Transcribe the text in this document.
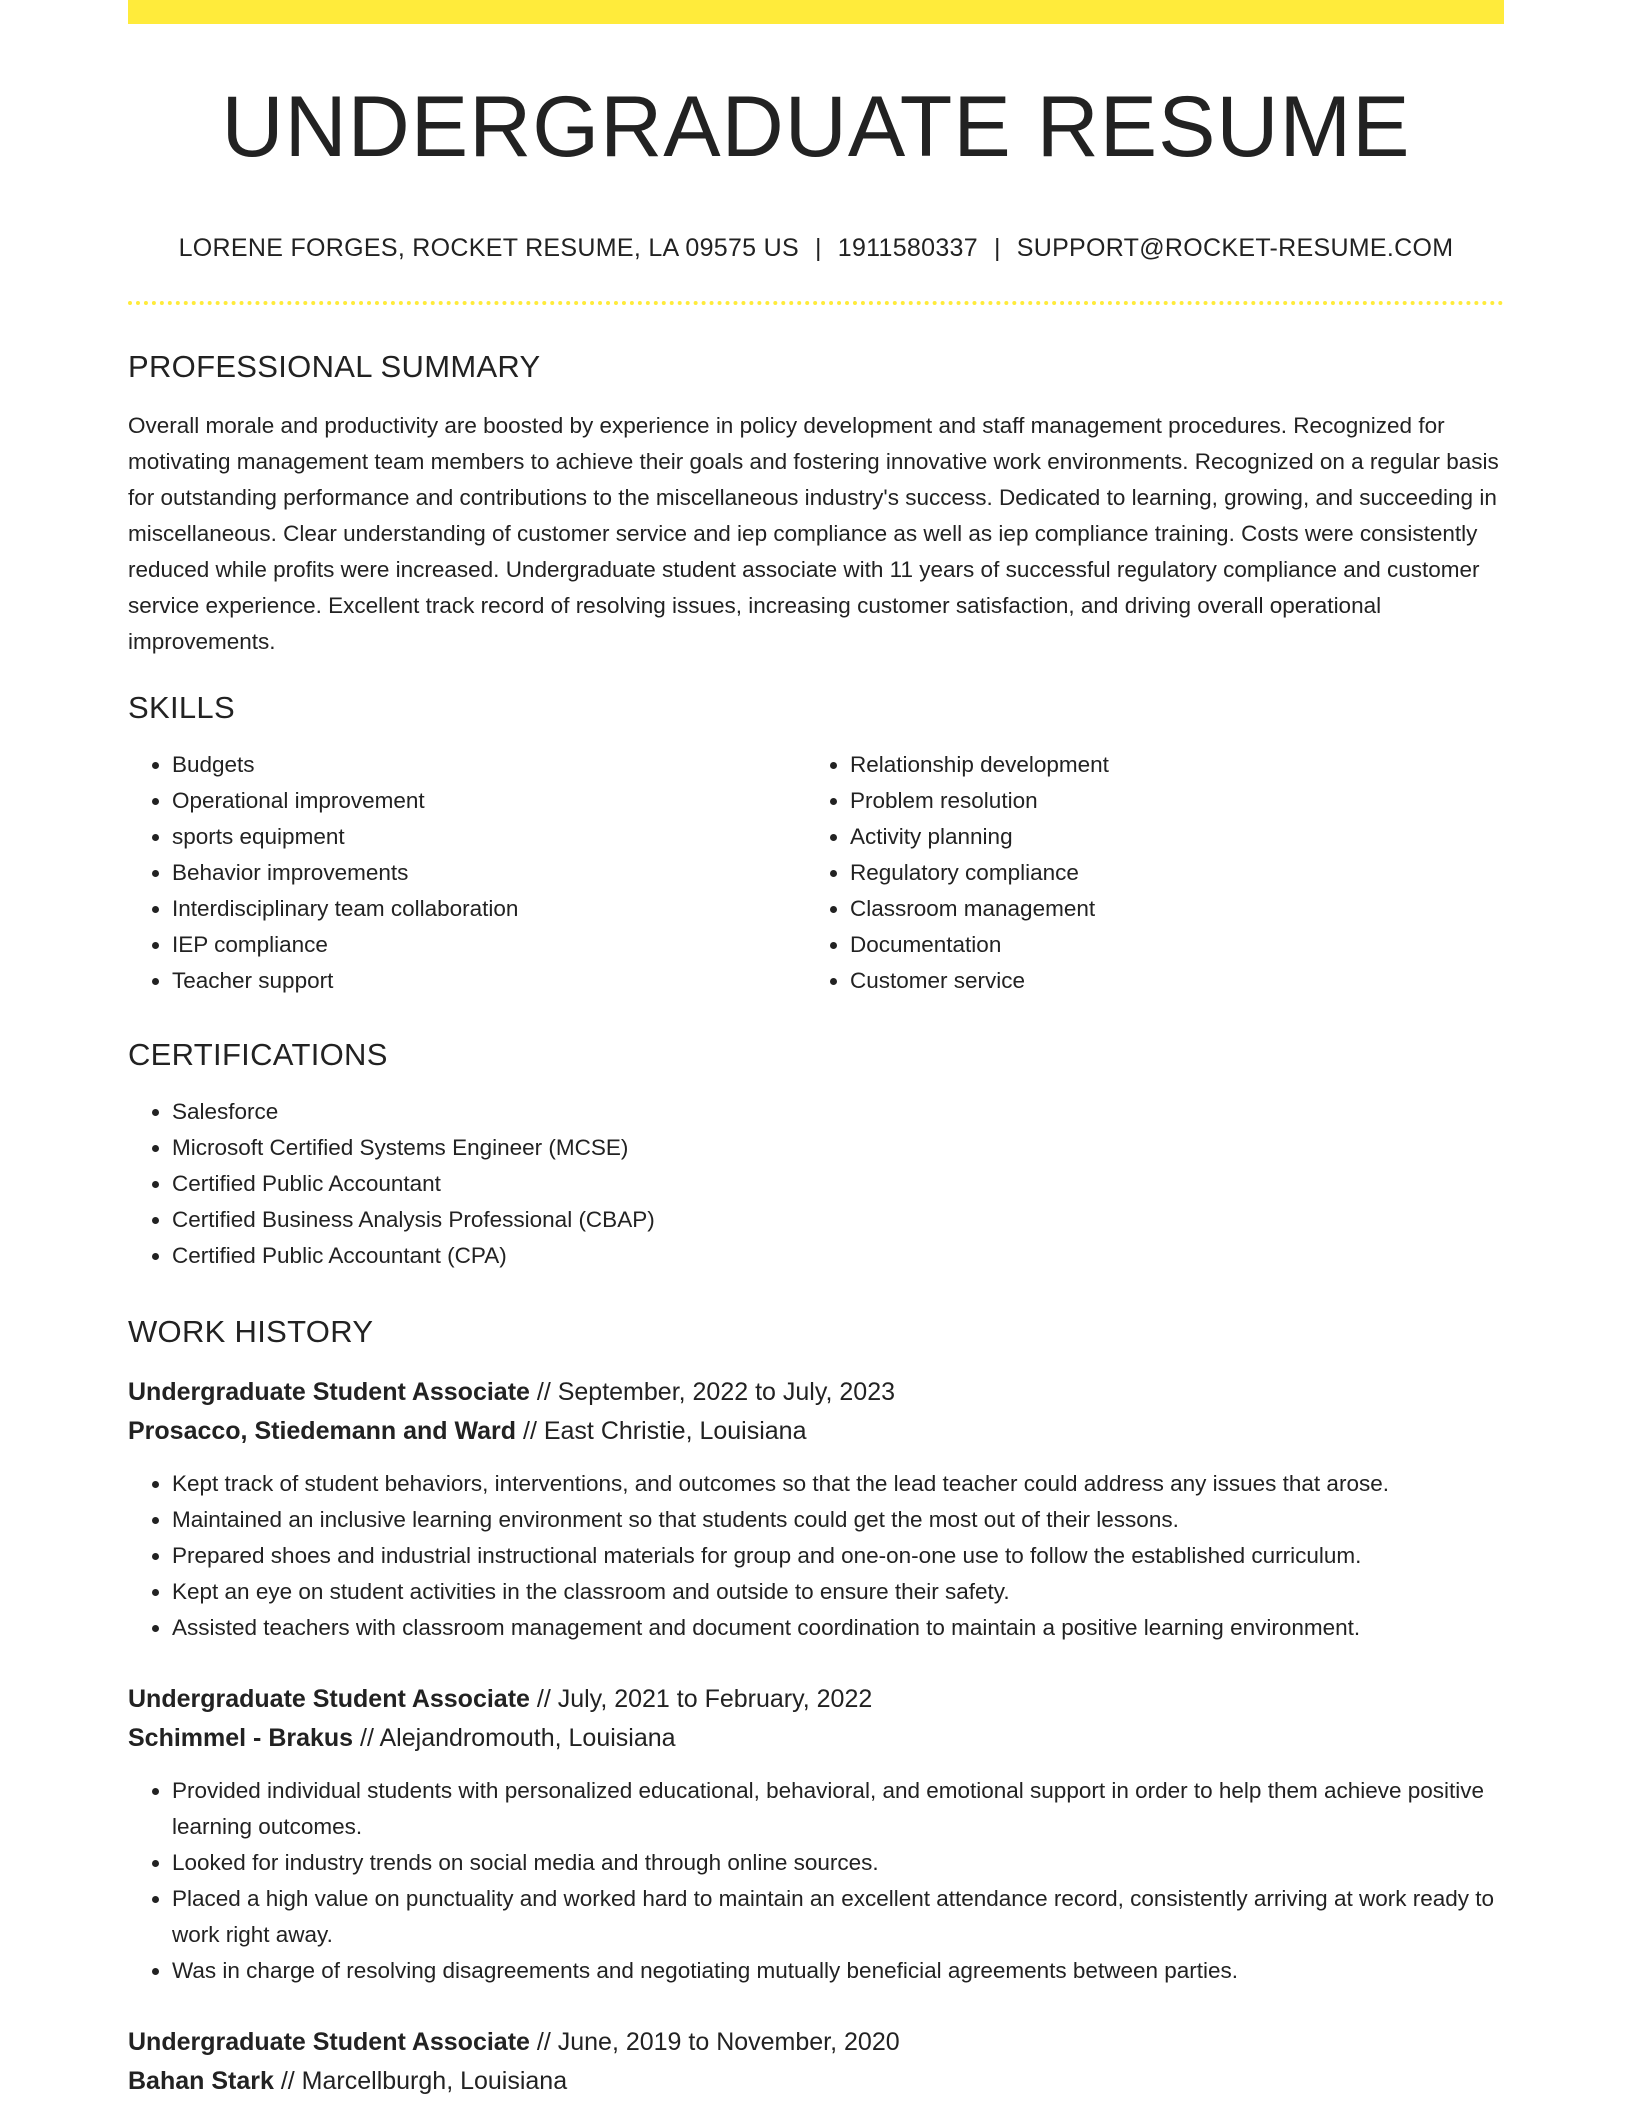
UNDERGRADUATE RESUME
LORENE FORGES, ROCKET RESUME, LA 09575 US | 1911580337 | SUPPORT@ROCKET-RESUME.COM
PROFESSIONAL SUMMARY

Overall morale and productivity are boosted by experience in policy development and staff management procedures. Recognized for motivating management team members to achieve their goals and fostering innovative work environments. Recognized on a regular basis for outstanding performance and contributions to the miscellaneous industry's success. Dedicated to learning, growing, and succeeding in miscellaneous. Clear understanding of customer service and iep compliance as well as iep compliance training. Costs were consistently reduced while profits were increased. Undergraduate student associate with 11 years of successful regulatory compliance and customer service experience. Excellent track record of resolving issues, increasing customer satisfaction, and driving overall operational improvements.

SKILLS
• Budgets
• Operational improvement
• sports equipment
• Behavior improvements
• Interdisciplinary team collaboration
• IEP compliance
• Teacher support
• Relationship development
• Problem resolution
• Activity planning
• Regulatory compliance
• Classroom management
• Documentation
• Customer service
CERTIFICATIONS
• Salesforce
• Microsoft Certified Systems Engineer (MCSE)
• Certified Public Accountant
• Certified Business Analysis Professional (CBAP)
• Certified Public Accountant (CPA)
WORK HISTORY
Undergraduate Student Associate // September, 2022 to July, 2023
Prosacco, Stiedemann and Ward // East Christie, Louisiana
• Kept track of student behaviors, interventions, and outcomes so that the lead teacher could address any issues that arose.
• Maintained an inclusive learning environment so that students could get the most out of their lessons.
• Prepared shoes and industrial instructional materials for group and one-on-one use to follow the established curriculum.
• Kept an eye on student activities in the classroom and outside to ensure their safety.
• Assisted teachers with classroom management and document coordination to maintain a positive learning environment.
Undergraduate Student Associate // July, 2021 to February, 2022
Schimmel - Brakus // Alejandromouth, Louisiana
• Provided individual students with personalized educational, behavioral, and emotional support in order to help them achieve positive learning outcomes.
• Looked for industry trends on social media and through online sources.
• Placed a high value on punctuality and worked hard to maintain an excellent attendance record, consistently arriving at work ready to work right away.
• Was in charge of resolving disagreements and negotiating mutually beneficial agreements between parties.
Undergraduate Student Associate // June, 2019 to November, 2020
Bahan Stark // Marcellburgh, Louisiana
